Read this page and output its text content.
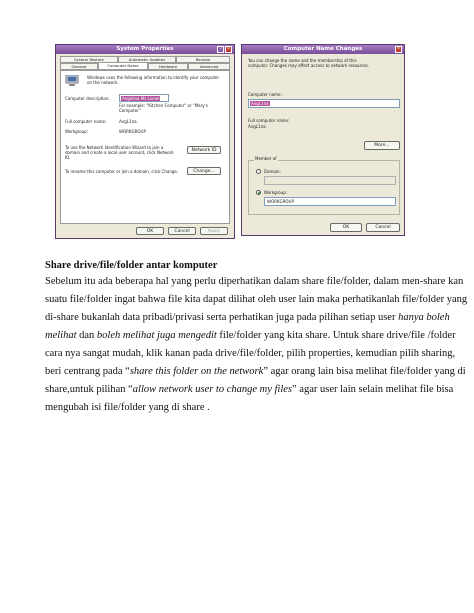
System Properties	?	×
System Restore	Automatic Updates	Remote
General	Computer Name	Hardware	Advanced
Windows uses the following information to identify your computer
on the network.
Computer description:	Angelina Ms Lionel
For example: "Kitchen Computer" or "Mary's
Computer"
Full computer name:	AngL1na.
Workgroup:	WORKGROUP
To use the Network Identification Wizard to join a
domain and create a local user account, click Network
ID.
Network ID
To rename this computer or join a domain, click Change.	Change...
OK	Cancel	Apply
Computer Name Changes	×
You can change the name and the membership of this
computer. Changes may affect access to network resources.
Computer name:
AngL1na
Full computer name:
AngL1na.
More...
Member of
Domain:
Workgroup:
WORKGROUP
OK	Cancel
Share drive/file/folder antar komputer
Sebelum itu ada beberapa hal yang perlu diperhatikan dalam share file/folder, dalam men-share kan
suatu file/folder ingat bahwa file kita dapat dilihat oleh user lain maka perhatikanlah file/folder yang
di-share bukanlah data pribadi/privasi serta perhatikan juga pada pilihan setiap user hanya boleh
melihat dan boleh melihat juga mengedit file/folder yang kita share. Untuk share drive/file /folder
cara nya sangat mudah, klik kanan pada drive/file/folder, pilih properties, kemudian pilih sharing,
beri centrang pada “share this folder on the network” agar orang lain bisa melihat file/folder yang di
share,untuk pilihan “allow network user to change my files” agar user lain selain melihat file bisa
mengubah isi file/folder yang di share .
